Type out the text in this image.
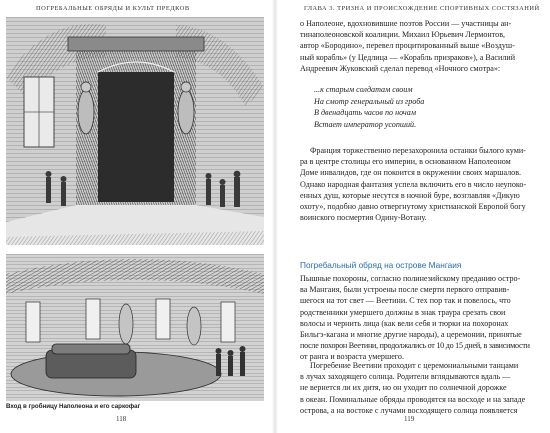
ПОГРЕБАЛЬНЫЕ ОБРЯДЫ И КУЛЬТ ПРЕДКОВ
Вход в гробницу Наполеона и его саркофаг
118
ГЛАВА 3. ТРИЗНА И ПРОИСХОЖДЕНИЕ СПОРТИВНЫХ СОСТЯЗАНИЙ
о Наполеоне, вдохновившие поэтов России — участницы ан-
тинаполеоновской коалиции. Михаил Юрьевич Лермонтов,
автор «Бородино», перевел процитированный выше «Воздуш-
ный корабль» (у Цедлица — «Корабль призраков»), а Василий
Андреевич Жуковский сделал перевод «Ночного смотра»:
...к старым солдатам своим
На смотр генеральный из гроба
В двенадцать часов по ночам
Встает император усопший.
Франция торжественно перезахоронила останки былого куми-
ра в центре столицы его империи, в основанном Наполеоном
Доме инвалидов, где он покоится в окружении своих маршалов.
Однако народная фантазия успела включить его в число неупоко-
енных душ, которые несутся в ночной буре, возглавляя «Дикую
охоту», подобно давно отвергнутому христианской Европой богу
воинского посмертия Одину-Вотану.
Погребальный обряд на острове Мангаия
Пышные похороны, согласно полинезийскому преданию остро-
ва Мангаия, были устроены после смерти первого отправив-
шегося на тот свет — Веетини. С тех пор так и повелось, что
родственники умершего должны в знак траура срезать свои
волосы и чернить лица (как вели себя и тюрки на похоронах
Бильгэ-кагана и многие другие народы), а церемонии, принятые
после похорон Веетини, продолжались от 10 до 15 дней, в зависимости
от ранга и возраста умершего.
Погребение Веетини проходит с церемониальными танцами
в лучах заходящего солнца. Родители вглядываются вдаль —
не вернется ли их дитя, но он уходит по солнечной дорожке
в океан. Поминальные обряды проводятся на восходе и на западе
острова, а на востоке с лучами восходящего солнца появляется
119
